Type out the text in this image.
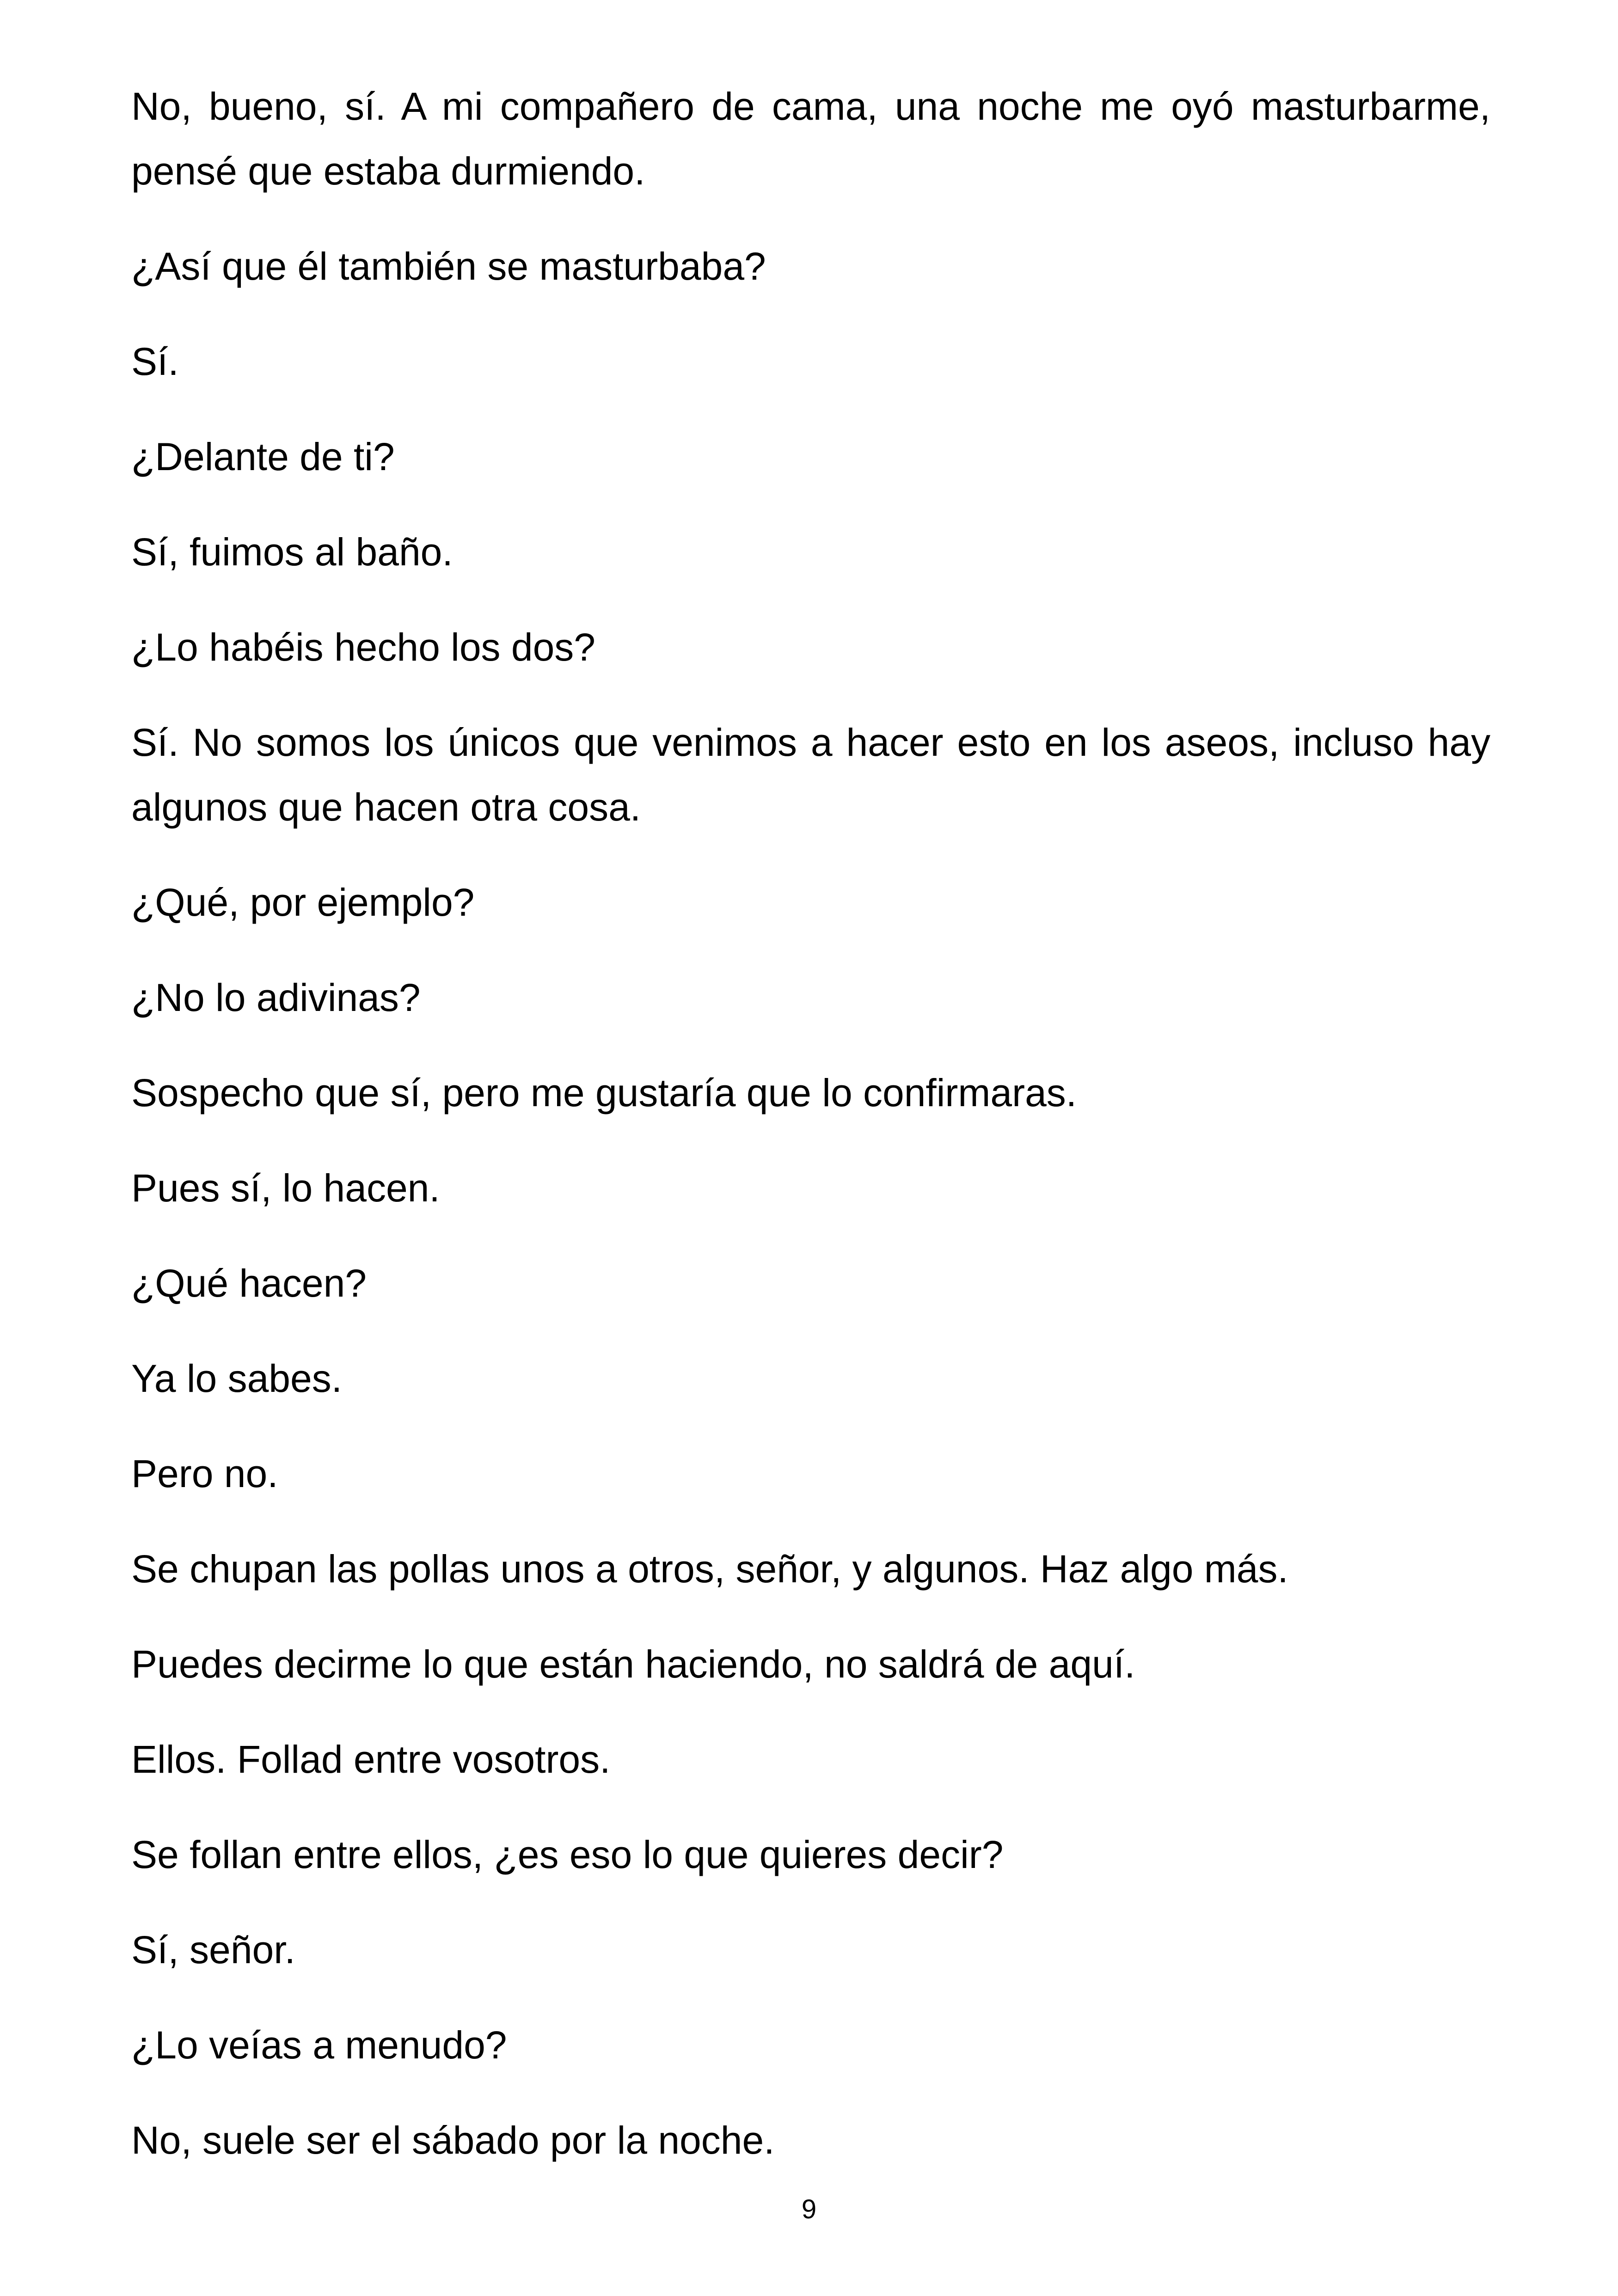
No, bueno, sí. A mi compañero de cama, una noche me oyó masturbarme, pensé que estaba durmiendo.

¿Así que él también se masturbaba?

Sí.

¿Delante de ti?

Sí, fuimos al baño.

¿Lo habéis hecho los dos?

Sí. No somos los únicos que venimos a hacer esto en los aseos, incluso hay algunos que hacen otra cosa.

¿Qué, por ejemplo?

¿No lo adivinas?

Sospecho que sí, pero me gustaría que lo confirmaras.

Pues sí, lo hacen.

¿Qué hacen?

Ya lo sabes.

Pero no.

Se chupan las pollas unos a otros, señor, y algunos. Haz algo más.

Puedes decirme lo que están haciendo, no saldrá de aquí.

Ellos. Follad entre vosotros.

Se follan entre ellos, ¿es eso lo que quieres decir?

Sí, señor.

¿Lo veías a menudo?

No, suele ser el sábado por la noche.

9
